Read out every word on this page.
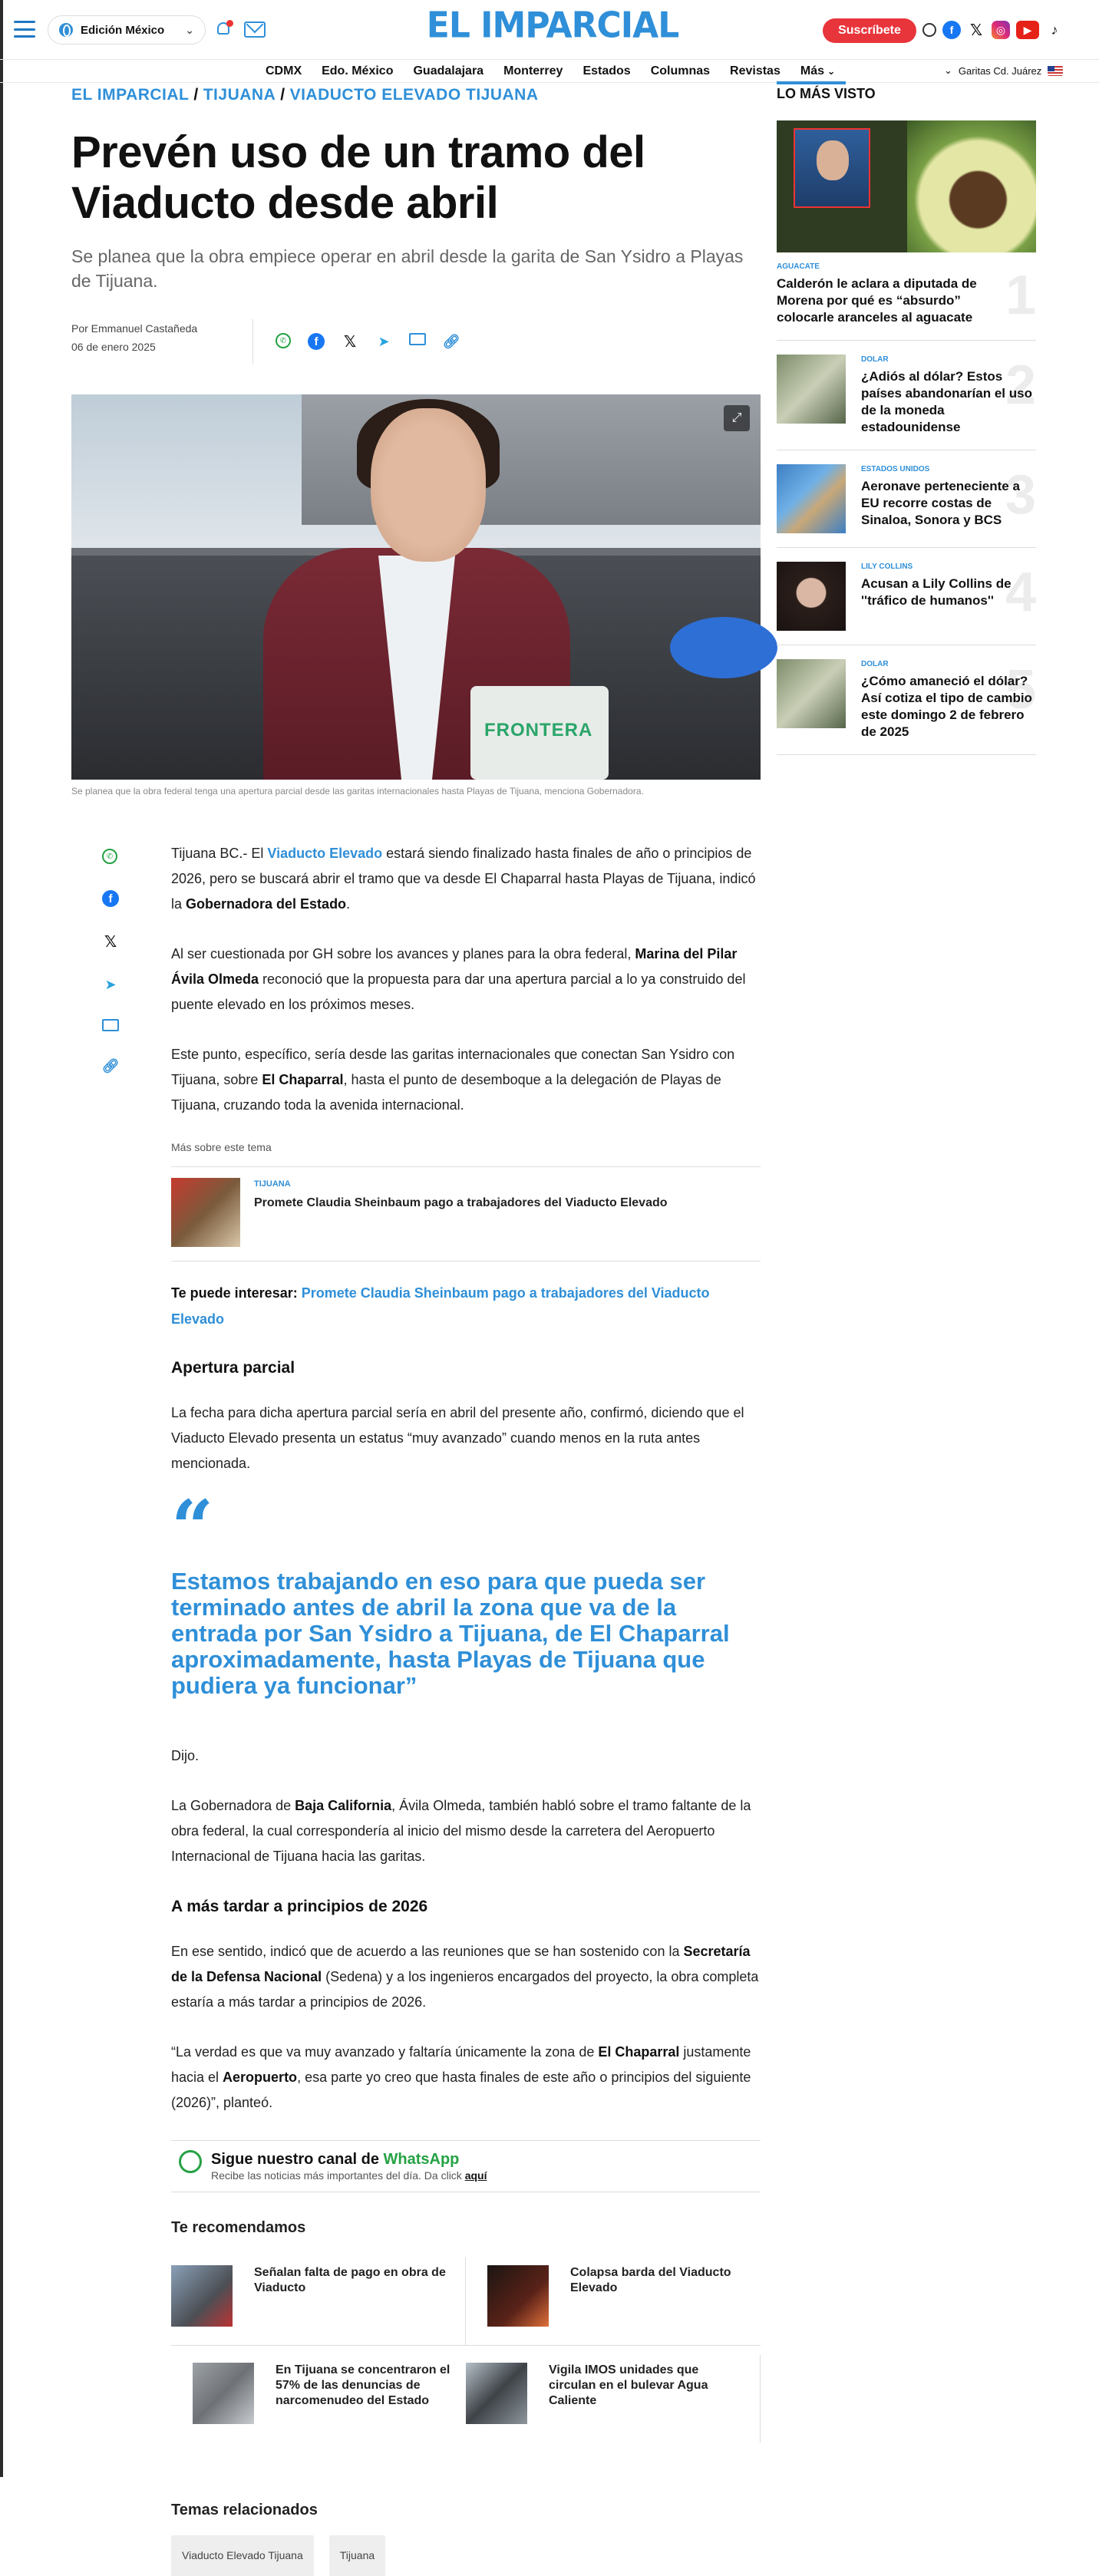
Edición México ⌄	EL IMPARCIAL	Suscríbete	f	𝕏	◎	▶	♪
CDMX Edo. México Guadalajara Monterrey Estados Columnas Revistas Más ⌄	⌄ Garitas Cd. Juárez
EL IMPARCIAL / TIJUANA / VIADUCTO ELEVADO TIJUANA
Prevén uso de un tramo del Viaducto desde abril

Se planea que la obra empiece operar en abril desde la garita de San Ysidro a Playas de Tijuana.

Por Emmanuel Castañeda
06 de enero 2025	✆	f	𝕏 ➤	🔗︎
FRONTERA
⤢
Se planea que la obra federal tenga una apertura parcial desde las garitas internacionales hasta Playas de Tijuana, menciona Gobernadora.
✆
f
𝕏
➤
🔗︎

Tijuana BC.- El Viaducto Elevado estará siendo finalizado hasta finales de año o principios de 2026, pero se buscará abrir el tramo que va desde El Chaparral hasta Playas de Tijuana, indicó la Gobernadora del Estado.

Al ser cuestionada por GH sobre los avances y planes para la obra federal, Marina del Pilar Ávila Olmeda reconoció que la propuesta para dar una apertura parcial a lo ya construido del puente elevado en los próximos meses.

Este punto, específico, sería desde las garitas internacionales que conectan San Ysidro con Tijuana, sobre El Chaparral, hasta el punto de desemboque a la delegación de Playas de Tijuana, cruzando toda la avenida internacional.

Más sobre este tema
TIJUANA
Promete Claudia Sheinbaum pago a trabajadores del Viaducto Elevado
Te puede interesar: Promete Claudia Sheinbaum pago a trabajadores del Viaducto Elevado
Apertura parcial

La fecha para dicha apertura parcial sería en abril del presente año, confirmó, diciendo que el Viaducto Elevado presenta un estatus “muy avanzado” cuando menos en la ruta antes mencionada.

“
Estamos trabajando en eso para que pueda ser terminado antes de abril la zona que va de la entrada por San Ysidro a Tijuana, de El Chaparral aproximadamente, hasta Playas de Tijuana que pudiera ya funcionar”

Dijo.

La Gobernadora de Baja California, Ávila Olmeda, también habló sobre el tramo faltante de la obra federal, la cual correspondería al inicio del mismo desde la carretera del Aeropuerto Internacional de Tijuana hacia las garitas.

A más tardar a principios de 2026

En ese sentido, indicó que de acuerdo a las reuniones que se han sostenido con la Secretaría de la Defensa Nacional (Sedena) y a los ingenieros encargados del proyecto, la obra completa estaría a más tardar a principios de 2026.

“La verdad es que va muy avanzado y faltaría únicamente la zona de El Chaparral justamente hacia el Aeropuerto, esa parte yo creo que hasta finales de este año o principios del siguiente (2026)”, planteó.

Sigue nuestro canal de WhatsApp
Recibe las noticias más importantes del día. Da click aquí
Te recomendamos
Señalan falta de pago en obra de Viaducto
Colapsa barda del Viaducto Elevado
En Tijuana se concentraron el 57% de las denuncias de narcomenudeo del Estado
Vigila IMOS unidades que circulan en el bulevar Agua Caliente
Temas relacionados
Viaducto Elevado Tijuana	Tijuana
LO MÁS VISTO
AGUACATE
Calderón le aclara a diputada de Morena por qué es “absurdo” colocarle aranceles al aguacate 1
DOLAR
¿Adiós al dólar? Estos países abandonarían el uso de la moneda estadounidense
2
ESTADOS UNIDOS
Aeronave perteneciente a EU recorre costas de Sinaloa, Sonora y BCS 3
LILY COLLINS
Acusan a Lily Collins de ''tráfico de humanos'' 4
DOLAR
¿Cómo amaneció el dólar? Así cotiza el tipo de cambio este domingo 2 de febrero de 2025
5
